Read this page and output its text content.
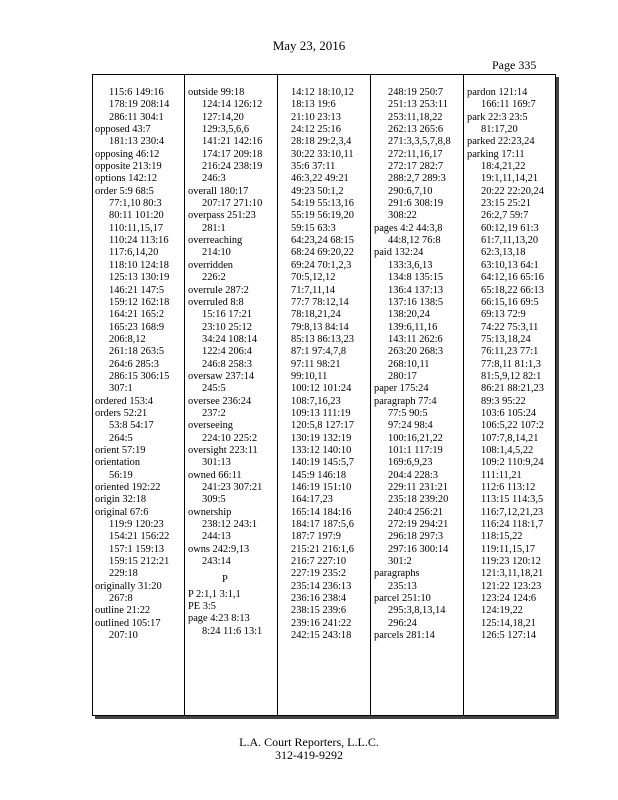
May 23, 2016
Page 335
115:6 149:16
178:19 208:14
286:11 304:1
opposed 43:7
181:13 230:4
opposing 46:12
opposite 213:19
options 142:12
order 5:9 68:5
77:1,10 80:3
80:11 101:20
110:11,15,17
110:24 113:16
117:6,14,20
118:10 124:18
125:13 130:19
146:21 147:5
159:12 162:18
164:21 165:2
165:23 168:9
206:8,12
261:18 263:5
264:6 285:3
286:15 306:15
307:1
ordered 153:4
orders 52:21
53:8 54:17
264:5
orient 57:19
orientation
56:19
oriented 192:22
origin 32:18
original 67:6
119:9 120:23
154:21 156:22
157:1 159:13
159:15 212:21
229:18
originally 31:20
267:8
outline 21:22
outlined 105:17
207:10
outside 99:18
124:14 126:12
127:14,20
129:3,5,6,6
141:21 142:16
174:17 209:18
216:24 238:19
246:3
overall 180:17
207:17 271:10
overpass 251:23
281:1
overreaching
214:10
overridden
226:2
overrule 287:2
overruled 8:8
15:16 17:21
23:10 25:12
34:24 108:14
122:4 206:4
246:8 258:3
oversaw 237:14
245:5
oversee 236:24
237:2
overseeing
224:10 225:2
oversight 223:11
301:13
owned 66:11
241:23 307:21
309:5
ownership
238:12 243:1
244:13
owns 242:9,13
243:14
P
P 2:1,1 3:1,1
PE 3:5
page 4:23 8:13
8:24 11:6 13:1
14:12 18:10,12
18:13 19:6
21:10 23:13
24:12 25:16
28:18 29:2,3,4
30:22 33:10,11
35:6 37:11
46:3,22 49:21
49:23 50:1,2
54:19 55:13,16
55:19 56:19,20
59:15 63:3
64:23,24 68:15
68:24 69:20,22
69:24 70:1,2,3
70:5,12,12
71:7,11,14
77:7 78:12,14
78:18,21,24
79:8,13 84:14
85:13 86:13,23
87:1 97:4,7,8
97:11 98:21
99:10,11
100:12 101:24
108:7,16,23
109:13 111:19
120:5,8 127:17
130:19 132:19
133:12 140:10
140:19 145:5,7
145:9 146:18
146:19 151:10
164:17,23
165:14 184:16
184:17 187:5,6
187:7 197:9
215:21 216:1,6
216:7 227:10
227:19 235:2
235:14 236:13
236:16 238:4
238:15 239:6
239:16 241:22
242:15 243:18
248:19 250:7
251:13 253:11
253:11,18,22
262:13 265:6
271:3,3,5,7,8,8
272:11,16,17
272:17 282:7
288:2,7 289:3
290:6,7,10
291:6 308:19
308:22
pages 4:2 44:3,8
44:8,12 76:8
paid 132:24
133:3,6,13
134:8 135:15
136:4 137:13
137:16 138:5
138:20,24
139:6,11,16
143:11 262:6
263:20 268:3
268:10,11
280:17
paper 175:24
paragraph 77:4
77:5 90:5
97:24 98:4
100:16,21,22
101:1 117:19
169:6,9,23
204:4 228:3
229:11 231:21
235:18 239:20
240:4 256:21
272:19 294:21
296:18 297:3
297:16 300:14
301:2
paragraphs
235:13
parcel 251:10
295:3,8,13,14
296:24
parcels 281:14
pardon 121:14
166:11 169:7
park 22:3 23:5
81:17,20
parked 22:23,24
parking 17:11
18:4,21,22
19:1,11,14,21
20:22 22:20,24
23:15 25:21
26:2,7 59:7
60:12,19 61:3
61:7,11,13,20
62:3,13,18
63:10,13 64:1
64:12,16 65:16
65:18,22 66:13
66:15,16 69:5
69:13 72:9
74:22 75:3,11
75:13,18,24
76:11,23 77:1
77:8,11 81:1,3
81:5,9,12 82:1
86:21 88:21,23
89:3 95:22
103:6 105:24
106:5,22 107:2
107:7,8,14,21
108:1,4,5,22
109:2 110:9,24
111:11,21
112:6 113:12
113:15 114:3,5
116:7,12,21,23
116:24 118:1,7
118:15,22
119:11,15,17
119:23 120:12
121:3,11,18,21
121:22 123:23
123:24 124:6
124:19,22
125:14,18,21
126:5 127:14
L.A. Court Reporters, L.L.C.
312-419-9292
